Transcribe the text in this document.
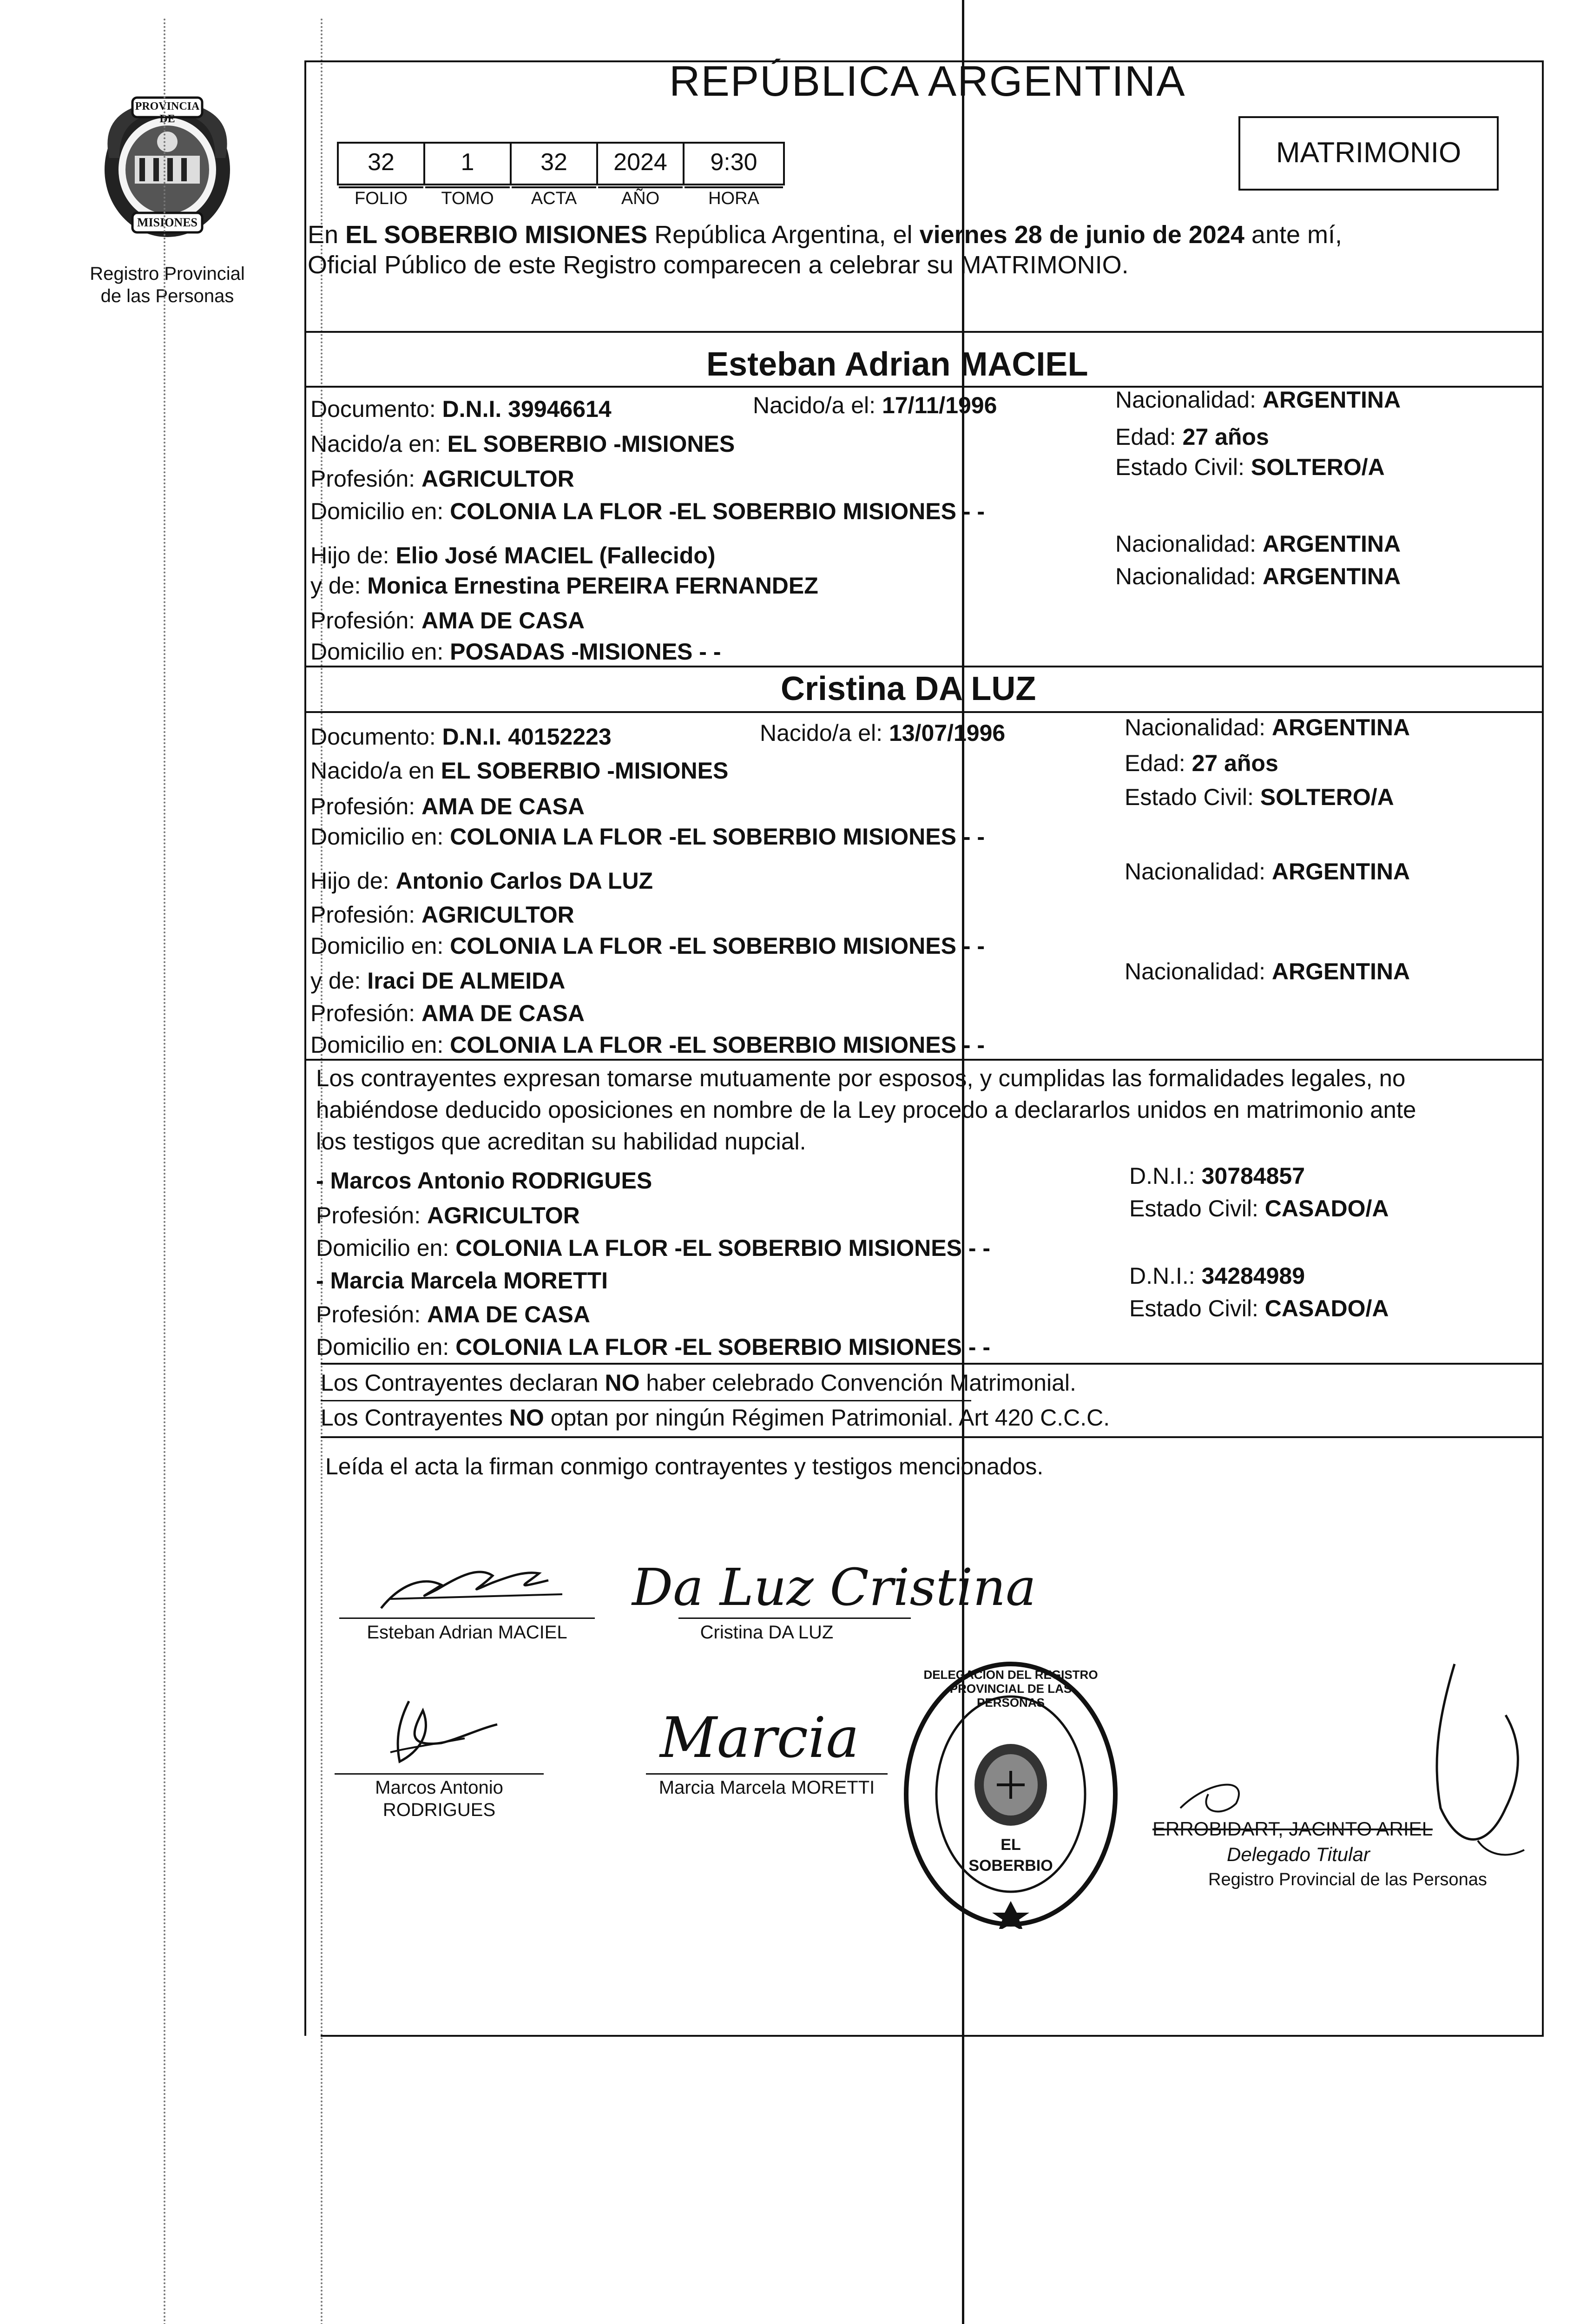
PROVINCIA DE
MISIONES
Registro Provincial
de las Personas
REPÚBLICA ARGENTINA
MATRIMONIO
32
FOLIO
1
TOMO
32
ACTA
2024
AÑO
9:30
HORA
En EL SOBERBIO MISIONES República Argentina, el viernes 28 de junio de 2024 ante mí,
Oficial Público de este Registro comparecen a celebrar su MATRIMONIO.
Esteban Adrian MACIEL
Documento: D.N.I. 39946614	Nacido/a el: 17/11/1996	Nacionalidad: ARGENTINA
Nacido/a en: EL SOBERBIO -MISIONES	Edad: 27 años
Profesión: AGRICULTOR	Estado Civil: SOLTERO/A
Domicilio en: COLONIA LA FLOR -EL SOBERBIO MISIONES - -
Hijo de: Elio José MACIEL (Fallecido)	Nacionalidad: ARGENTINA
y de: Monica Ernestina PEREIRA FERNANDEZ	Nacionalidad: ARGENTINA
Profesión: AMA DE CASA
Domicilio en: POSADAS -MISIONES - -
Cristina DA LUZ
Documento: D.N.I. 40152223	Nacido/a el: 13/07/1996	Nacionalidad: ARGENTINA
Nacido/a en EL SOBERBIO -MISIONES	Edad: 27 años
Profesión: AMA DE CASA	Estado Civil: SOLTERO/A
Domicilio en: COLONIA LA FLOR -EL SOBERBIO MISIONES - -
Hijo de: Antonio Carlos DA LUZ	Nacionalidad: ARGENTINA
Profesión: AGRICULTOR
Domicilio en: COLONIA LA FLOR -EL SOBERBIO MISIONES - -
y de: Iraci DE ALMEIDA	Nacionalidad: ARGENTINA
Profesión: AMA DE CASA
Domicilio en: COLONIA LA FLOR -EL SOBERBIO MISIONES - -
Los contrayentes expresan tomarse mutuamente por esposos, y cumplidas las formalidades legales, no
habiéndose deducido oposiciones en nombre de la Ley procedo a declararlos unidos en matrimonio ante
los testigos que acreditan su habilidad nupcial.
- Marcos Antonio RODRIGUES	D.N.I.: 30784857
Profesión: AGRICULTOR	Estado Civil: CASADO/A
Domicilio en: COLONIA LA FLOR -EL SOBERBIO MISIONES - -
- Marcia Marcela MORETTI	D.N.I.: 34284989
Profesión: AMA DE CASA	Estado Civil: CASADO/A
Domicilio en: COLONIA LA FLOR -EL SOBERBIO MISIONES - -
Los Contrayentes declaran NO haber celebrado Convención Matrimonial.
Los Contrayentes NO optan por ningún Régimen Patrimonial. Art 420 C.C.C.
Leída el acta la firman conmigo contrayentes y testigos mencionados.
Esteban Adrian MACIEL
Da Luz Cristina
Cristina DA LUZ
Marcos Antonio
RODRIGUES
Marcia
Marcia Marcela MORETTI
DELEGACION DEL REGISTRO PROVINCIAL DE LAS PERSONAS
EL
SOBERBIO
ERROBIDART, JACINTO ARIEL
Delegado Titular
Registro Provincial de las Personas
